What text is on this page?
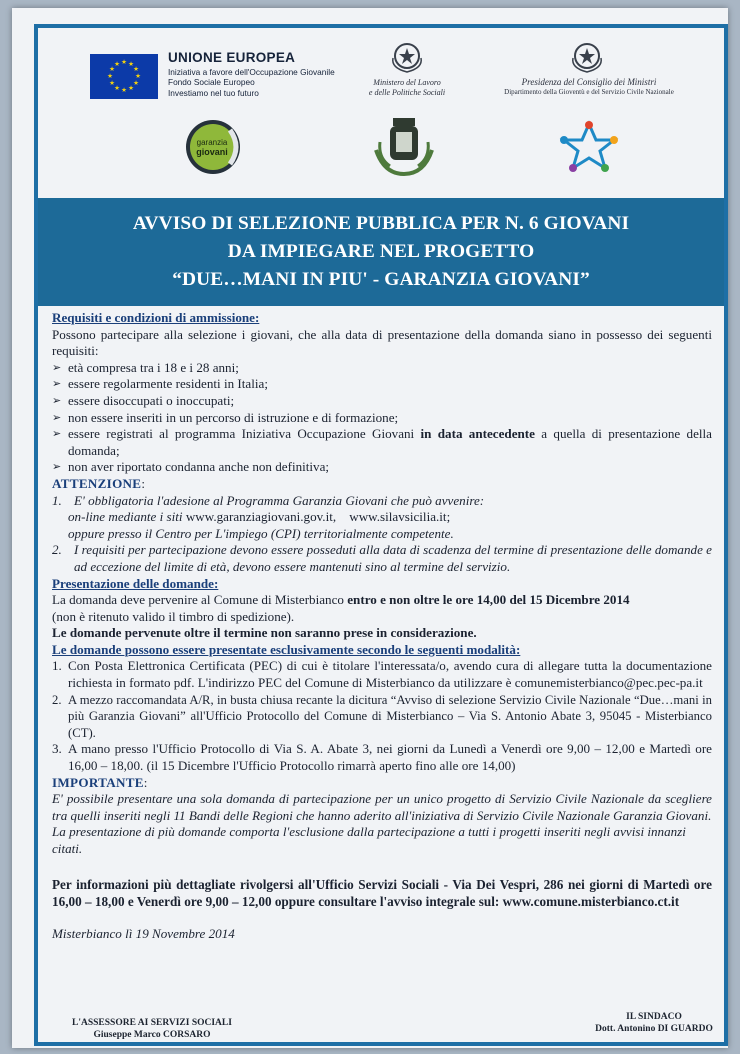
★ ★
★
★
★
★
★
★
★
★
★
★	UNIONE EUROPEA
Iniziativa a favore dell'Occupazione Giovanile
Fondo Sociale Europeo
Investiamo nel tuo futuro
Ministero del Lavoro
e delle Politiche Sociali
Presidenza del Consiglio dei Ministri
Dipartimento della Gioventù e del Servizio Civile Nazionale
garanzia
giovani
AVVISO DI SELEZIONE PUBBLICA PER N. 6 GIOVANI
DA IMPIEGARE NEL PROGETTO
“DUE…MANI IN PIU' - GARANZIA GIOVANI”
Requisiti e condizioni di ammissione:

Possono partecipare alla selezione i giovani, che alla data di presentazione della domanda siano in possesso dei seguenti requisiti:

➢ età compresa tra i 18 e i 28 anni;
➢ essere regolarmente residenti in Italia;
➢ essere disoccupati o inoccupati;
➢ non essere inseriti in un percorso di istruzione e di formazione;
➢ essere registrati al programma Iniziativa Occupazione Giovani in data antecedente a quella di presentazione della domanda;
➢ non aver riportato condanna anche non definitiva;
ATTENZIONE:
1. E' obbligatoria l'adesione al Programma Garanzia Giovani che può avvenire:
on-line mediante i siti www.garanziagiovani.gov.it, www.silavsicilia.it;
oppure presso il Centro per L'impiego (CPI) territorialmente competente.
2. I requisiti per partecipazione devono essere posseduti alla data di scadenza del termine di presentazione delle domande e ad eccezione del limite di età, devono essere mantenuti sino al termine del servizio.
Presentazione delle domande:

La domanda deve pervenire al Comune di Misterbianco entro e non oltre le ore 14,00 del 15 Dicembre 2014

(non è ritenuto valido il timbro di spedizione).

Le domande pervenute oltre il termine non saranno prese in considerazione.

Le domande possono essere presentate esclusivamente secondo le seguenti modalità:
1. Con Posta Elettronica Certificata (PEC) di cui è titolare l'interessata/o, avendo cura di allegare tutta la documentazione richiesta in formato pdf. L'indirizzo PEC del Comune di Misterbianco da utilizzare è comunemisterbianco@pec.pec-pa.it
2. A mezzo raccomandata A/R, in busta chiusa recante la dicitura “Avviso di selezione Servizio Civile Nazionale “Due…mani in più Garanzia Giovani” all'Ufficio Protocollo del Comune di Misterbianco – Via S. Antonio Abate 3, 95045 - Misterbianco (CT).
3. A mano presso l'Ufficio Protocollo di Via S. A. Abate 3, nei giorni da Lunedì a Venerdì ore 9,00 – 12,00 e Martedì ore 16,00 – 18,00. (il 15 Dicembre l'Ufficio Protocollo rimarrà aperto fino alle ore 14,00)
IMPORTANTE:

E' possibile presentare una sola domanda di partecipazione per un unico progetto di Servizio Civile Nazionale da scegliere tra quelli inseriti negli 11 Bandi delle Regioni che hanno aderito all'iniziativa di Servizio Civile Nazionale Garanzia Giovani.

La presentazione di più domande comporta l'esclusione dalla partecipazione a tutti i progetti inseriti negli avvisi innanzi citati.

Per informazioni più dettagliate rivolgersi all'Ufficio Servizi Sociali - Via Dei Vespri, 286 nei giorni di Martedì ore 16,00 – 18,00 e Venerdì ore 9,00 – 12,00 oppure consultare l'avviso integrale sul: www.comune.misterbianco.ct.it

Misterbianco lì 19 Novembre 2014

L'ASSESSORE AI SERVIZI SOCIALI
Giuseppe Marco CORSARO
IL SINDACO
Dott. Antonino DI GUARDO
